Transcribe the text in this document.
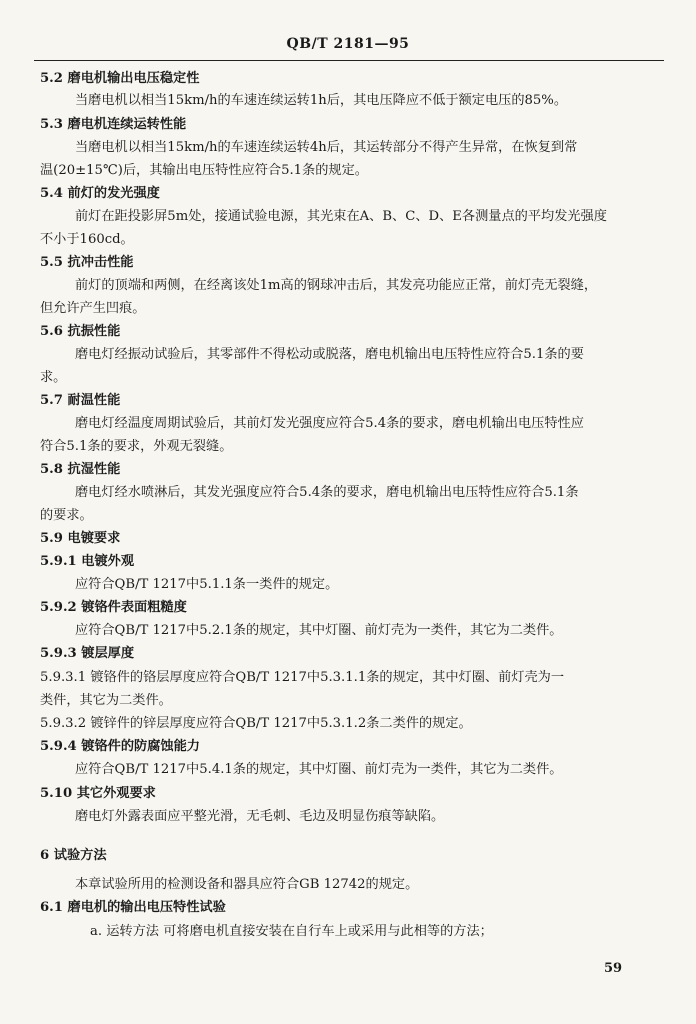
QB/T 2181—95
5.2 磨电机输出电压稳定性
当磨电机以相当15km/h的车速连续运转1h后，其电压降应不低于额定电压的85%。
5.3 磨电机连续运转性能
当磨电机以相当15km/h的车速连续运转4h后，其运转部分不得产生异常，在恢复到常
温(20±15℃)后，其输出电压特性应符合5.1条的规定。
5.4 前灯的发光强度
前灯在距投影屏5m处，接通试验电源，其光束在A、B、C、D、E各测量点的平均发光强度
不小于160cd。
5.5 抗冲击性能
前灯的顶端和两侧，在经离该处1m高的钢球冲击后，其发亮功能应正常，前灯壳无裂缝，
但允许产生凹痕。
5.6 抗振性能
磨电灯经振动试验后，其零部件不得松动或脱落，磨电机输出电压特性应符合5.1条的要
求。
5.7 耐温性能
磨电灯经温度周期试验后，其前灯发光强度应符合5.4条的要求，磨电机输出电压特性应
符合5.1条的要求，外观无裂缝。
5.8 抗湿性能
磨电灯经水喷淋后，其发光强度应符合5.4条的要求，磨电机输出电压特性应符合5.1条
的要求。
5.9 电镀要求
5.9.1 电镀外观
应符合QB/T 1217中5.1.1条一类件的规定。
5.9.2 镀铬件表面粗糙度
应符合QB/T 1217中5.2.1条的规定，其中灯圈、前灯壳为一类件，其它为二类件。
5.9.3 镀层厚度
5.9.3.1 镀铬件的铬层厚度应符合QB/T 1217中5.3.1.1条的规定，其中灯圈、前灯壳为一
类件，其它为二类件。
5.9.3.2 镀锌件的锌层厚度应符合QB/T 1217中5.3.1.2条二类件的规定。
5.9.4 镀铬件的防腐蚀能力
应符合QB/T 1217中5.4.1条的规定，其中灯圈、前灯壳为一类件，其它为二类件。
5.10 其它外观要求
磨电灯外露表面应平整光滑，无毛刺、毛边及明显伤痕等缺陷。
6 试验方法
本章试验所用的检测设备和器具应符合GB 12742的规定。
6.1 磨电机的输出电压特性试验
a. 运转方法 可将磨电机直接安装在自行车上或采用与此相等的方法；
59
